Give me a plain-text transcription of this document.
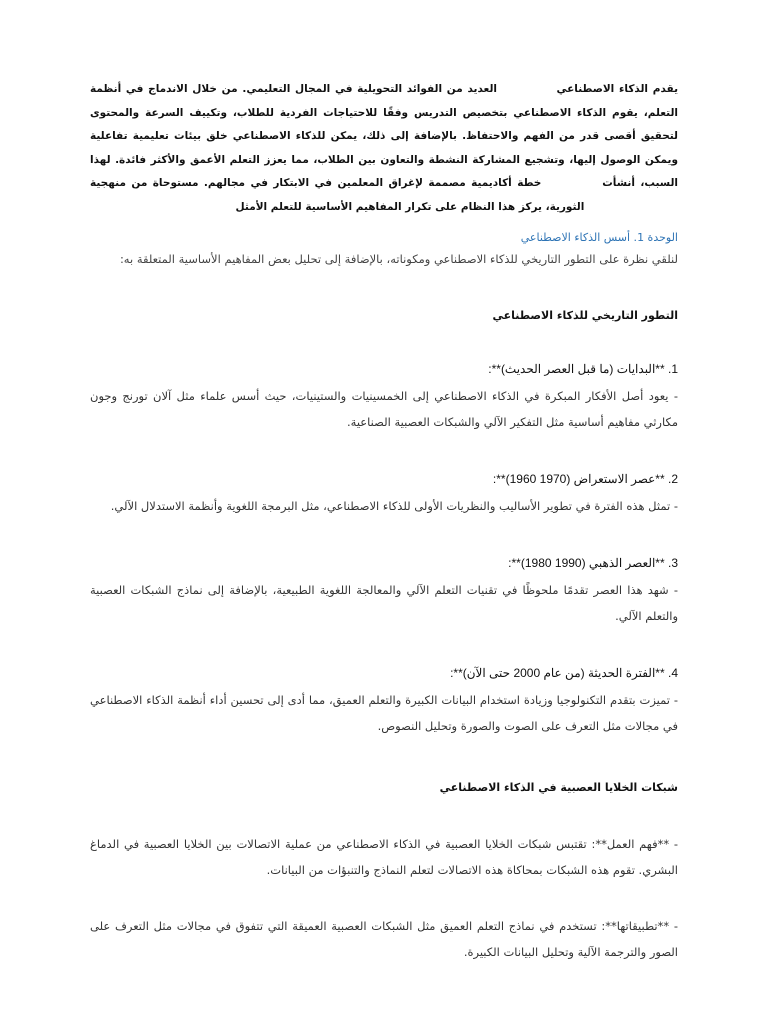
يقدم الذكاء الاصطناعي  العديد من الفوائد التحويلية في المجال التعليمي. من خلال الاندماج في أنظمة التعلم، يقوم الذكاء الاصطناعي بتخصيص التدريس وفقًا للاحتياجات الفردية للطلاب، وتكييف السرعة والمحتوى لتحقيق أقصى قدر من الفهم والاحتفاظ. بالإضافة إلى ذلك، يمكن للذكاء الاصطناعي خلق بيئات تعليمية تفاعلية ويمكن الوصول إليها، وتشجيع المشاركة النشطة والتعاون بين الطلاب، مما يعزز التعلم الأعمق والأكثر فائدة. لهذا السبب، أنشأت  خطة أكاديمية مصممة لإغراق المعلمين في الابتكار في مجالهم. مستوحاة من منهجية  الثورية، يركز هذا النظام على تكرار المفاهيم الأساسية للتعلم الأمثل

الوحدة 1. أسس الذكاء الاصطناعي

لنلقي نظرة على التطور التاريخي للذكاء الاصطناعي ومكوناته، بالإضافة إلى تحليل بعض المفاهيم الأساسية المتعلقة به:

التطور التاريخي للذكاء الاصطناعي

1. **البدايات (ما قبل العصر الحديث)**:

- يعود أصل الأفكار المبكرة في الذكاء الاصطناعي إلى الخمسينيات والستينيات، حيث أسس علماء مثل آلان تورنج وجون مكارثي مفاهيم أساسية مثل التفكير الآلي والشبكات العصبية الصناعية.

2. **عصر الاستعراض (1970 1960)**:

- تمثل هذه الفترة في تطوير الأساليب والنظريات الأولى للذكاء الاصطناعي، مثل البرمجة اللغوية وأنظمة الاستدلال الآلي.

3. **العصر الذهبي (1990 1980)**:

- شهد هذا العصر تقدمًا ملحوظًا في تقنيات التعلم الآلي والمعالجة اللغوية الطبيعية، بالإضافة إلى نماذج الشبكات العصبية والتعلم الآلي.

4. **الفترة الحديثة (من عام 2000 حتى الآن)**:

- تميزت بتقدم التكنولوجيا وزيادة استخدام البيانات الكبيرة والتعلم العميق، مما أدى إلى تحسين أداء أنظمة الذكاء الاصطناعي في مجالات مثل التعرف على الصوت والصورة وتحليل النصوص.

شبكات الخلايا العصبية في الذكاء الاصطناعي

- **فهم العمل**: تقتبس شبكات الخلايا العصبية في الذكاء الاصطناعي من عملية الاتصالات بين الخلايا العصبية في الدماغ البشري. تقوم هذه الشبكات بمحاكاة هذه الاتصالات لتعلم النماذج والتنبؤات من البيانات.

- **تطبيقاتها**: تستخدم في نماذج التعلم العميق مثل الشبكات العصبية العميقة التي تتفوق في مجالات مثل التعرف على الصور والترجمة الآلية وتحليل البيانات الكبيرة.
